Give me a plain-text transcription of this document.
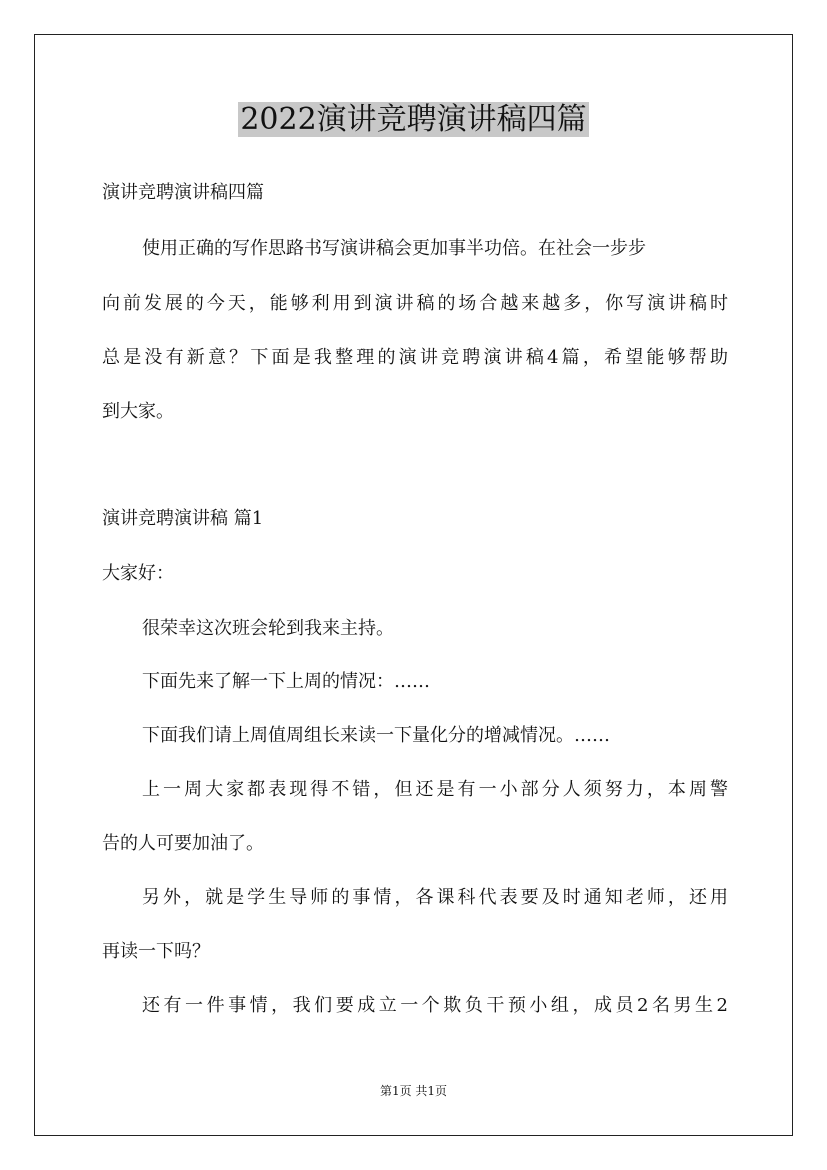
2022演讲竞聘演讲稿四篇

演讲竞聘演讲稿四篇

使用正确的写作思路书写演讲稿会更加事半功倍。在社会一步步

向前发展的今天，能够利用到演讲稿的场合越来越多，你写演讲稿时

总是没有新意？下面是我整理的演讲竞聘演讲稿4篇，希望能够帮助

到大家。

演讲竞聘演讲稿 篇1

大家好：

很荣幸这次班会轮到我来主持。

下面先来了解一下上周的情况：……

下面我们请上周值周组长来读一下量化分的增减情况。……

上一周大家都表现得不错，但还是有一小部分人须努力，本周警

告的人可要加油了。

另外，就是学生导师的事情，各课科代表要及时通知老师，还用

再读一下吗？

还有一件事情，我们要成立一个欺负干预小组，成员2名男生2

第1页 共1页
